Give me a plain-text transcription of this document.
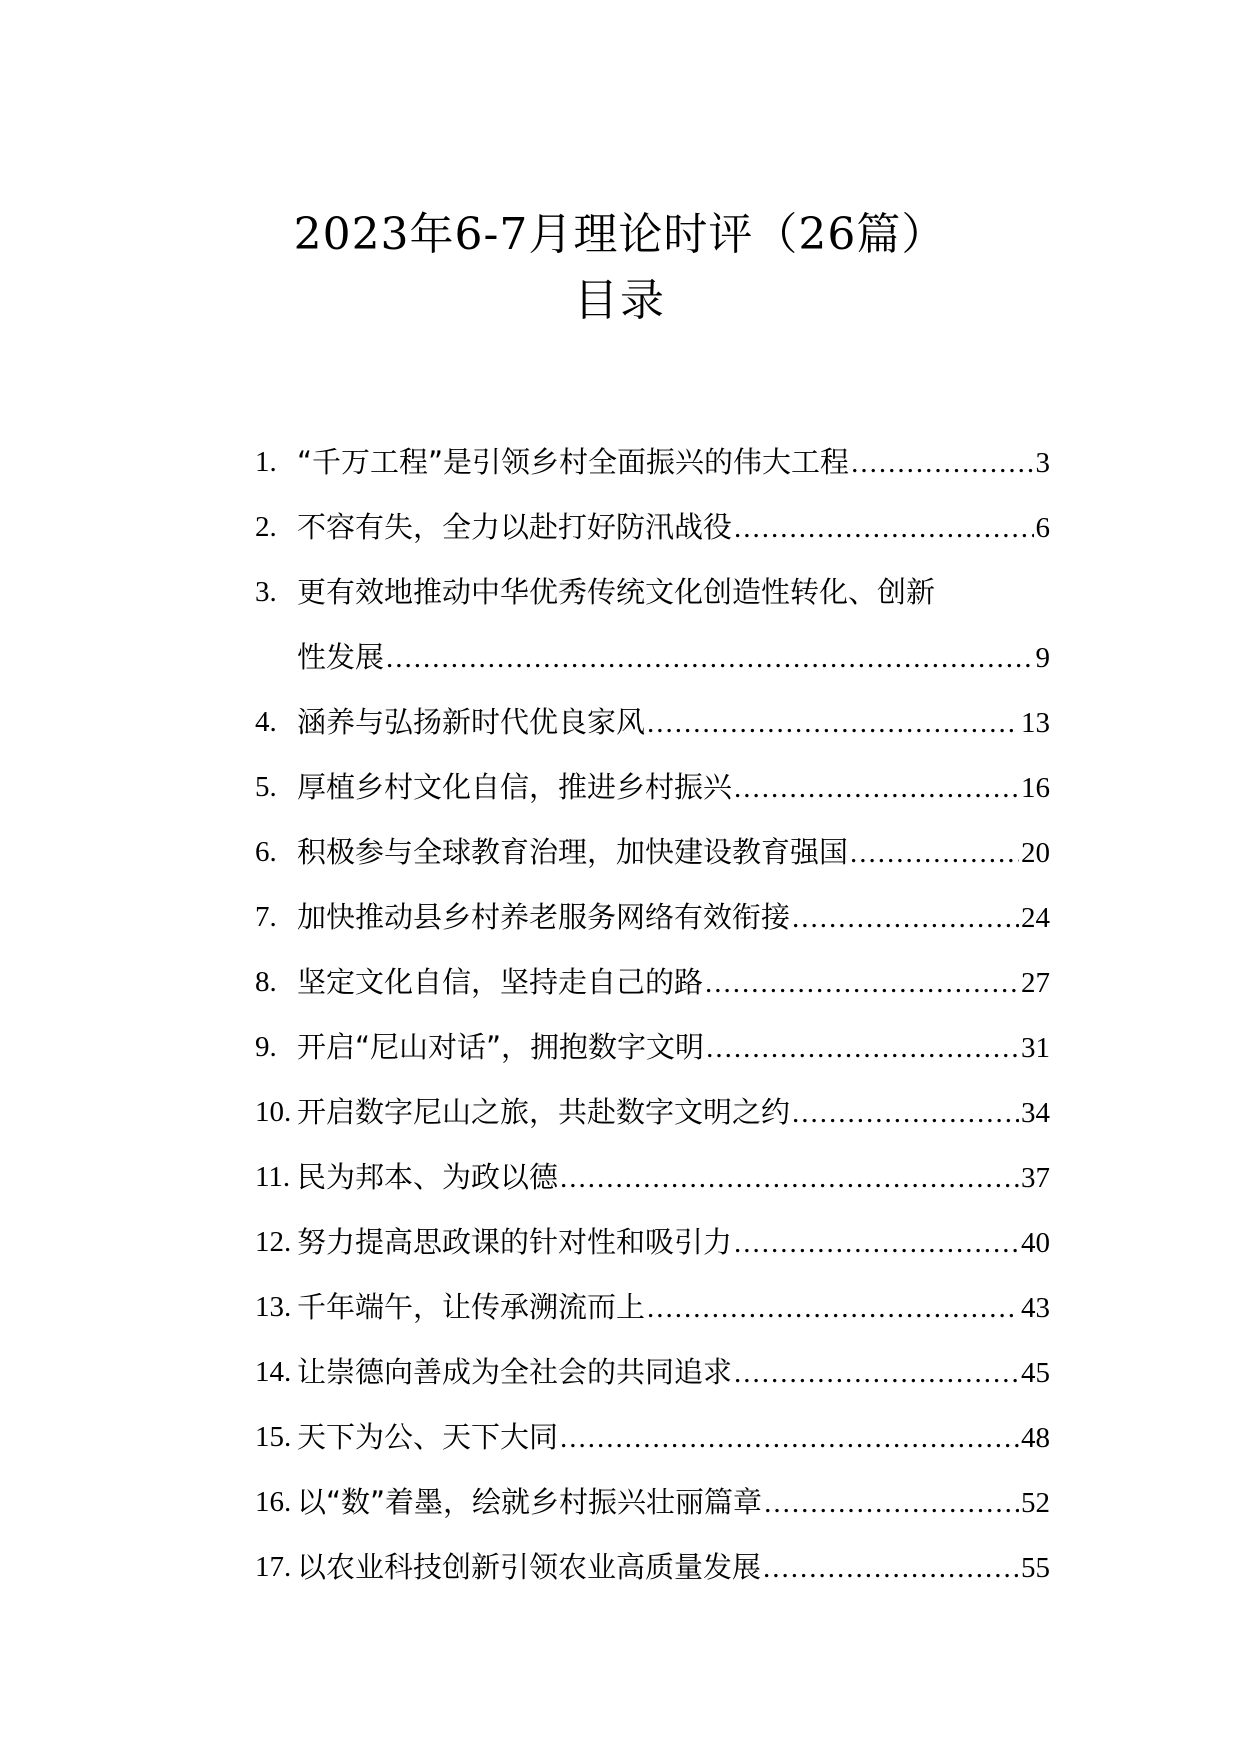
2023年6-7月理论时评（26篇）
目录
1. “千万工程”是引领乡村全面振兴的伟大工程 .....	3
2. 不容有失，全力以赴打好防汛战役 .....	6
3. 更有效地推动中华优秀传统文化创造性转化、创新
性发展 .....	9
4. 涵养与弘扬新时代优良家风 .....	13
5. 厚植乡村文化自信，推进乡村振兴 .....	16
6. 积极参与全球教育治理，加快建设教育强国 .....	20
7. 加快推动县乡村养老服务网络有效衔接 .....	24
8. 坚定文化自信，坚持走自己的路 .....	27
9. 开启“尼山对话”，拥抱数字文明 .....	31
10. 开启数字尼山之旅，共赴数字文明之约 .....	34
11. 民为邦本、为政以德 .....	37
12. 努力提高思政课的针对性和吸引力 .....	40
13. 千年端午，让传承溯流而上 .....	43
14. 让崇德向善成为全社会的共同追求 .....	45
15. 天下为公、天下大同 .....	48
16. 以“数”着墨，绘就乡村振兴壮丽篇章 .....	52
17. 以农业科技创新引领农业高质量发展 .....	55
